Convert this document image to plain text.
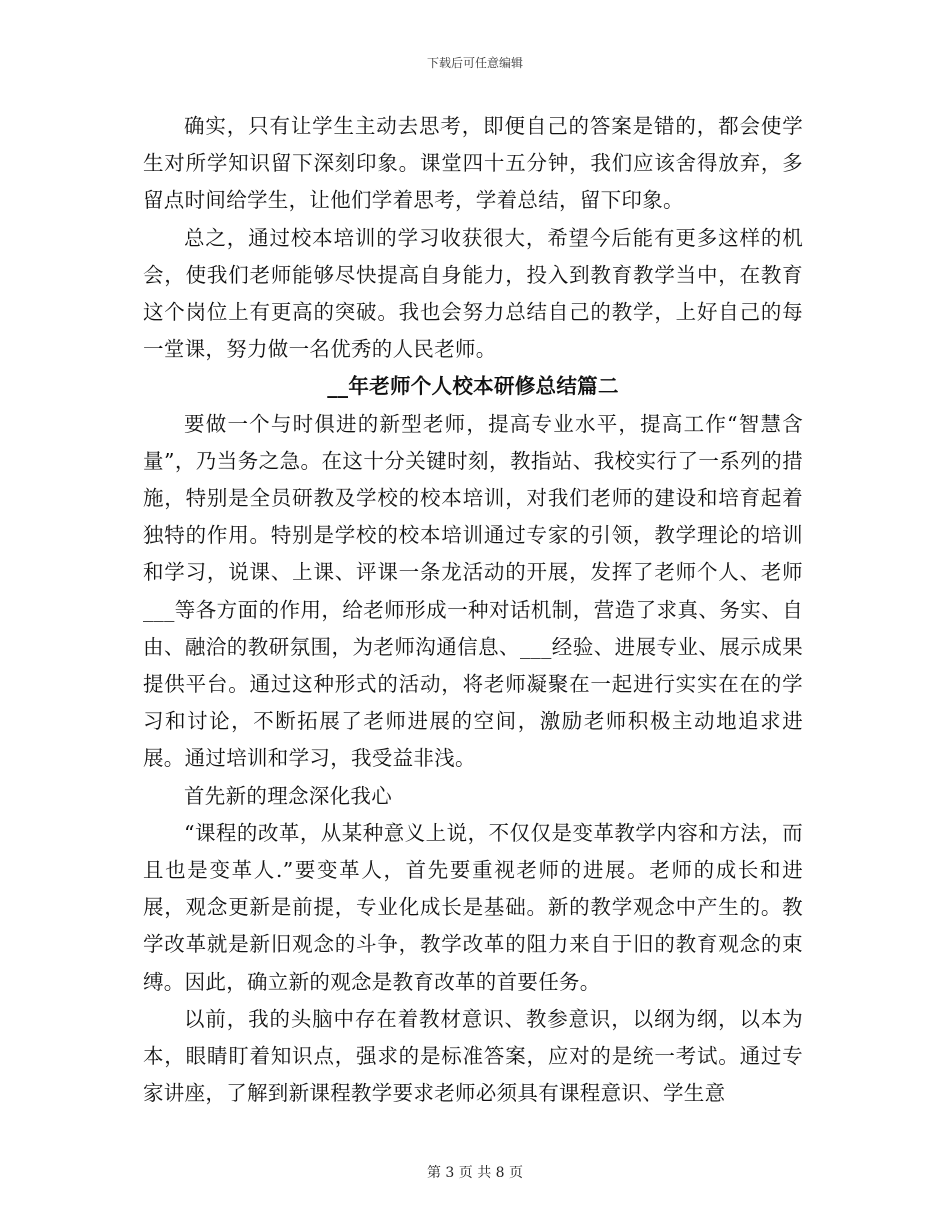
下载后可任意编辑

确实，只有让学生主动去思考，即便自己的答案是错的，都会使学生对所学知识留下深刻印象。课堂四十五分钟，我们应该舍得放弃，多留点时间给学生，让他们学着思考，学着总结，留下印象。

总之，通过校本培训的学习收获很大，希望今后能有更多这样的机会，使我们老师能够尽快提高自身能力，投入到教育教学当中，在教育这个岗位上有更高的突破。我也会努力总结自己的教学，上好自己的每一堂课，努力做一名优秀的人民老师。

__年老师个人校本研修总结篇二

要做一个与时俱进的新型老师，提高专业水平，提高工作“智慧含量”，乃当务之急。在这十分关键时刻，教指站、我校实行了一系列的措施，特别是全员研教及学校的校本培训，对我们老师的建设和培育起着独特的作用。特别是学校的校本培训通过专家的引领，教学理论的培训和学习，说课、上课、评课一条龙活动的开展，发挥了老师个人、老师___等各方面的作用，给老师形成一种对话机制，营造了求真、务实、自由、融洽的教研氛围，为老师沟通信息、___经验、进展专业、展示成果提供平台。通过这种形式的活动，将老师凝聚在一起进行实实在在的学习和讨论，不断拓展了老师进展的空间，激励老师积极主动地追求进展。通过培训和学习，我受益非浅。

首先新的理念深化我心

“课程的改革，从某种意义上说，不仅仅是变革教学内容和方法，而且也是变革人.”要变革人，首先要重视老师的进展。老师的成长和进展，观念更新是前提，专业化成长是基础。新的教学观念中产生的。教学改革就是新旧观念的斗争，教学改革的阻力来自于旧的教育观念的束缚。因此，确立新的观念是教育改革的首要任务。

以前，我的头脑中存在着教材意识、教参意识，以纲为纲，以本为本，眼睛盯着知识点，强求的是标准答案，应对的是统一考试。通过专家讲座，了解到新课程教学要求老师必须具有课程意识、学生意

第 3 页 共 8 页
